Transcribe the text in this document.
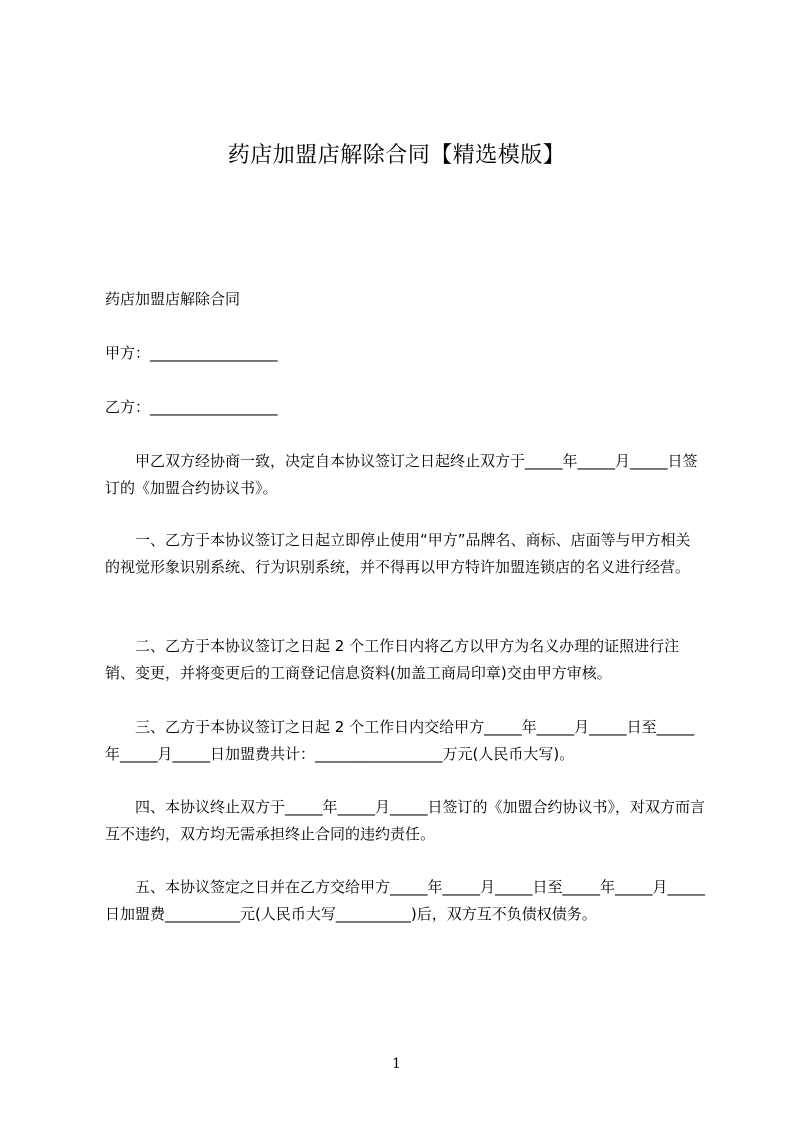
药店加盟店解除合同【精选模版】

药店加盟店解除合同

甲方：_________________

乙方：_________________

甲乙双方经协商一致，决定自本协议签订之日起终止双方于_____年_____月_____日签订的《加盟合约协议书》。

一、乙方于本协议签订之日起立即停止使用“甲方”品牌名、商标、店面等与甲方相关的视觉形象识别系统、行为识别系统，并不得再以甲方特许加盟连锁店的名义进行经营。

二、乙方于本协议签订之日起 2 个工作日内将乙方以甲方为名义办理的证照进行注销、变更，并将变更后的工商登记信息资料(加盖工商局印章)交由甲方审核。

三、乙方于本协议签订之日起 2 个工作日内交给甲方_____年_____月_____日至_____年_____月_____日加盟费共计：_________________万元(人民币大写)。

四、本协议终止双方于_____年_____月_____日签订的《加盟合约协议书》，对双方而言互不违约，双方均无需承担终止合同的违约责任。

五、本协议签定之日并在乙方交给甲方_____年_____月_____日至_____年_____月_____日加盟费__________元(人民币大写__________)后，双方互不负债权债务。

1
